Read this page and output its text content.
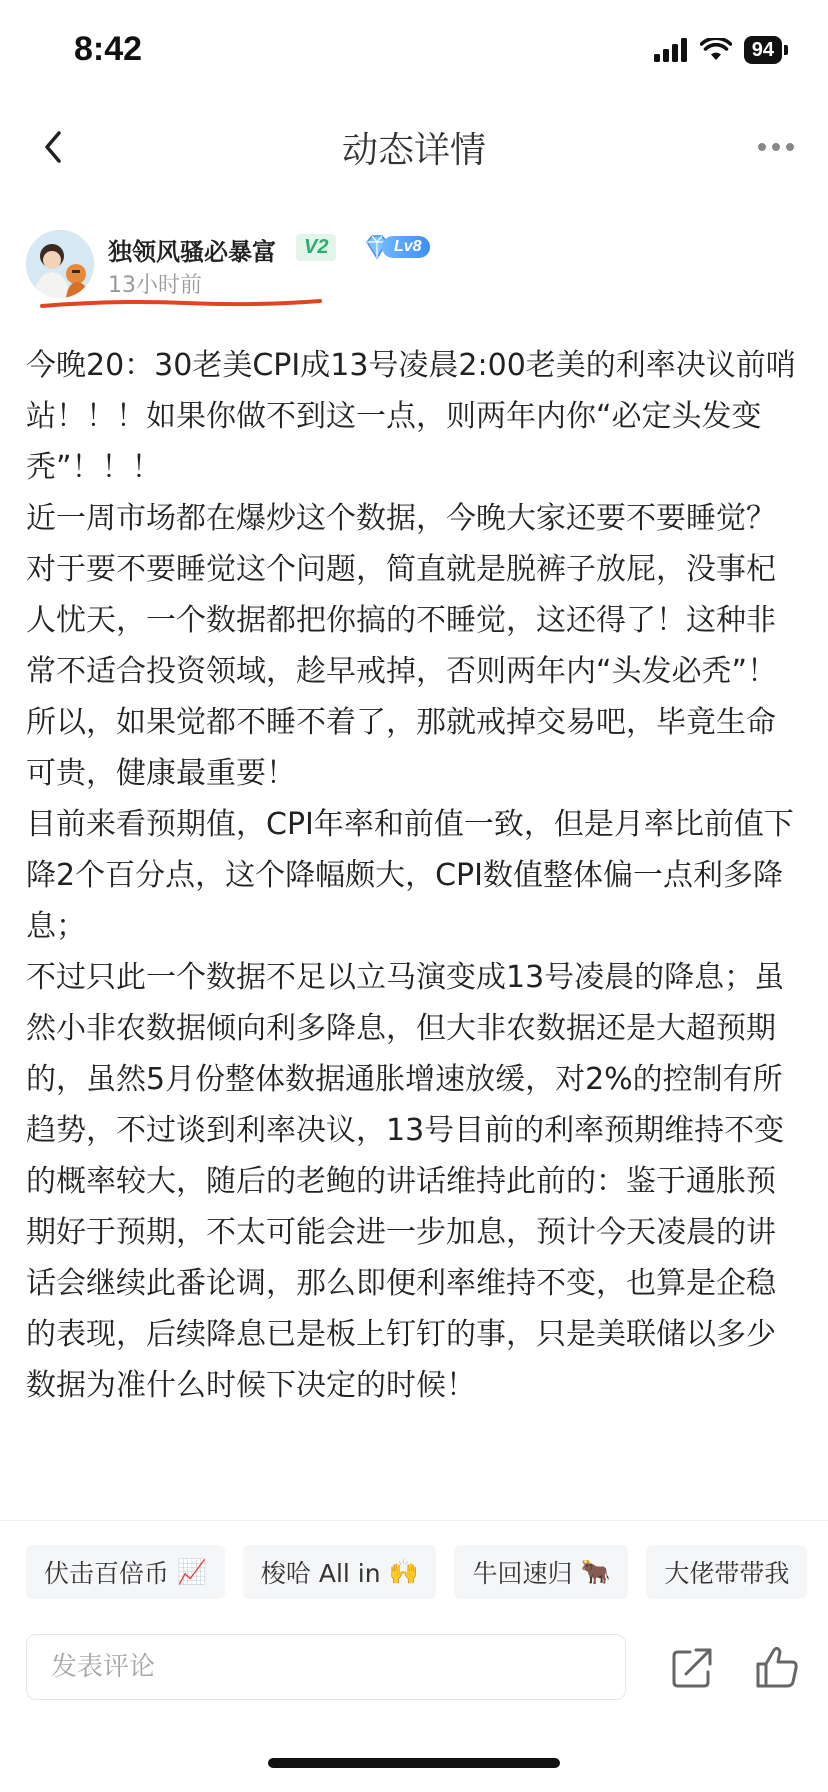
8:42	94
动态详情
独领风骚必暴富	V2	Lv8
13小时前

今晚20：30老美CPI成13号凌晨2:00老美的利率决议前哨站！！！如果你做不到这一点，则两年内你“必定头发变秃”！！！

近一周市场都在爆炒这个数据，今晚大家还要不要睡觉？对于要不要睡觉这个问题，简直就是脱裤子放屁，没事杞人忧天，一个数据都把你搞的不睡觉，这还得了！这种非常不适合投资领域，趁早戒掉，否则两年内“头发必秃”！所以，如果觉都不睡不着了，那就戒掉交易吧，毕竟生命可贵，健康最重要！

目前来看预期值，CPI年率和前值一致，但是月率比前值下降2个百分点，这个降幅颇大，CPI数值整体偏一点利多降息；

不过只此一个数据不足以立马演变成13号凌晨的降息；虽然小非农数据倾向利多降息，但大非农数据还是大超预期的，虽然5月份整体数据通胀增速放缓，对2%的控制有所趋势，不过谈到利率决议，13号目前的利率预期维持不变的概率较大，随后的老鲍的讲话维持此前的：鉴于通胀预期好于预期，不太可能会进一步加息，预计今天凌晨的讲话会继续此番论调，那么即便利率维持不变，也算是企稳的表现，后续降息已是板上钉钉的事，只是美联储以多少数据为准什么时候下决定的时候！

伏击百倍币 📈 梭哈 All in 🙌 牛回速归 🐂 大佬带带我
发表评论
